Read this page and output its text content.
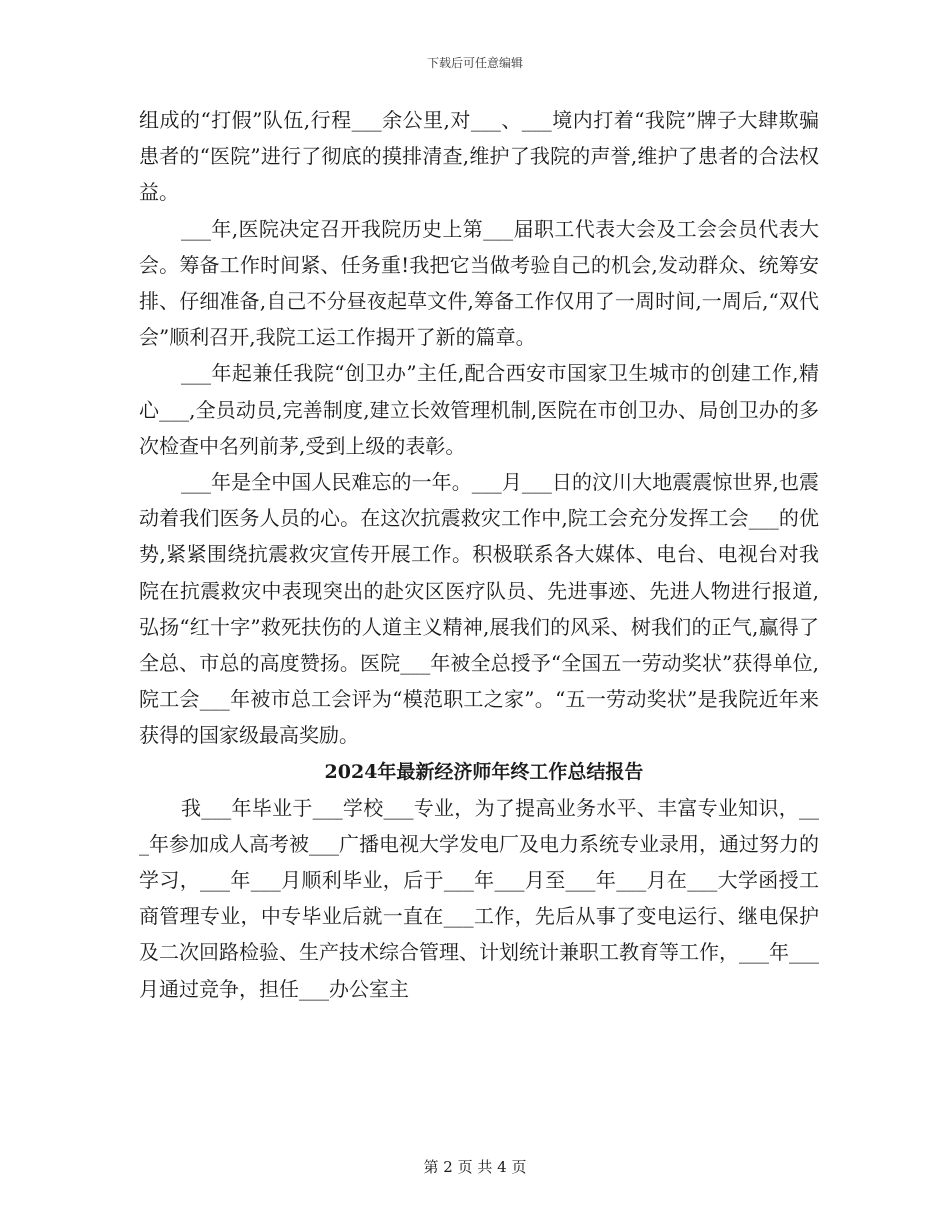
下载后可任意编辑

组成的“打假”队伍,行程___余公里,对___、___境内打着“我院”牌子大肆欺骗患者的“医院”进行了彻底的摸排清查,维护了我院的声誉,维护了患者的合法权益。

___年,医院决定召开我院历史上第___届职工代表大会及工会会员代表大会。筹备工作时间紧、任务重!我把它当做考验自己的机会,发动群众、统筹安排、仔细准备,自己不分昼夜起草文件,筹备工作仅用了一周时间,一周后,“双代会”顺利召开,我院工运工作揭开了新的篇章。

___年起兼任我院“创卫办”主任,配合西安市国家卫生城市的创建工作,精心___,全员动员,完善制度,建立长效管理机制,医院在市创卫办、局创卫办的多次检查中名列前茅,受到上级的表彰。

___年是全中国人民难忘的一年。___月___日的汶川大地震震惊世界,也震动着我们医务人员的心。在这次抗震救灾工作中,院工会充分发挥工会___的优势,紧紧围绕抗震救灾宣传开展工作。积极联系各大媒体、电台、电视台对我院在抗震救灾中表现突出的赴灾区医疗队员、先进事迹、先进人物进行报道,弘扬“红十字”救死扶伤的人道主义精神,展我们的风采、树我们的正气,赢得了全总、市总的高度赞扬。医院___年被全总授予“全国五一劳动奖状”获得单位,院工会___年被市总工会评为“模范职工之家”。“五一劳动奖状”是我院近年来获得的国家级最高奖励。

2024年最新经济师年终工作总结报告

我___年毕业于___学校___专业，为了提高业务水平、丰富专业知识，___年参加成人高考被___广播电视大学发电厂及电力系统专业录用，通过努力的学习，___年___月顺利毕业，后于___年___月至___年___月在___大学函授工商管理专业，中专毕业后就一直在___工作，先后从事了变电运行、继电保护及二次回路检验、生产技术综合管理、计划统计兼职工教育等工作，___年___月通过竞争，担任___办公室主

第 2 页 共 4 页
